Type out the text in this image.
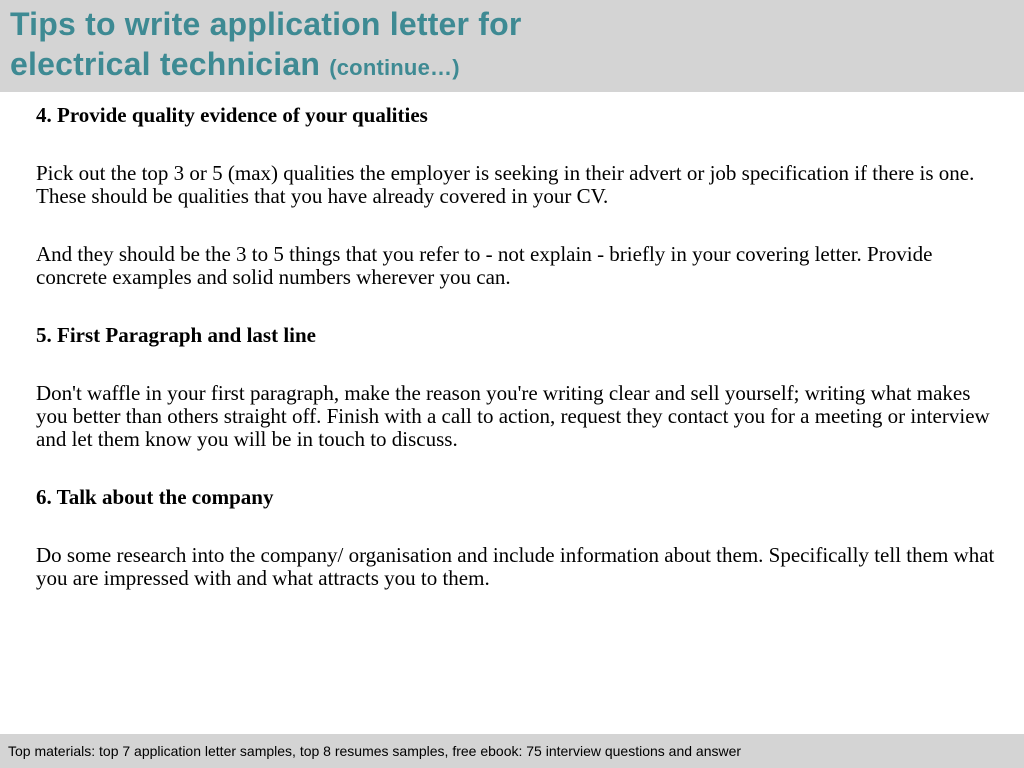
Tips to write application letter for
electrical technician (continue…)

4. Provide quality evidence of your qualities

Pick out the top 3 or 5 (max) qualities the employer is seeking in their advert or job specification if there is one. These should be qualities that you have already covered in your CV.

And they should be the 3 to 5 things that you refer to - not explain - briefly in your covering letter. Provide concrete examples and solid numbers wherever you can.

5. First Paragraph and last line

Don't waffle in your first paragraph, make the reason you're writing clear and sell yourself; writing what makes you better than others straight off. Finish with a call to action, request they contact you for a meeting or interview and let them know you will be in touch to discuss.

6. Talk about the company

Do some research into the company/ organisation and include information about them. Specifically tell them what you are impressed with and what attracts you to them.

Top materials: top 7 application letter samples, top 8 resumes samples, free ebook: 75 interview questions and answer
